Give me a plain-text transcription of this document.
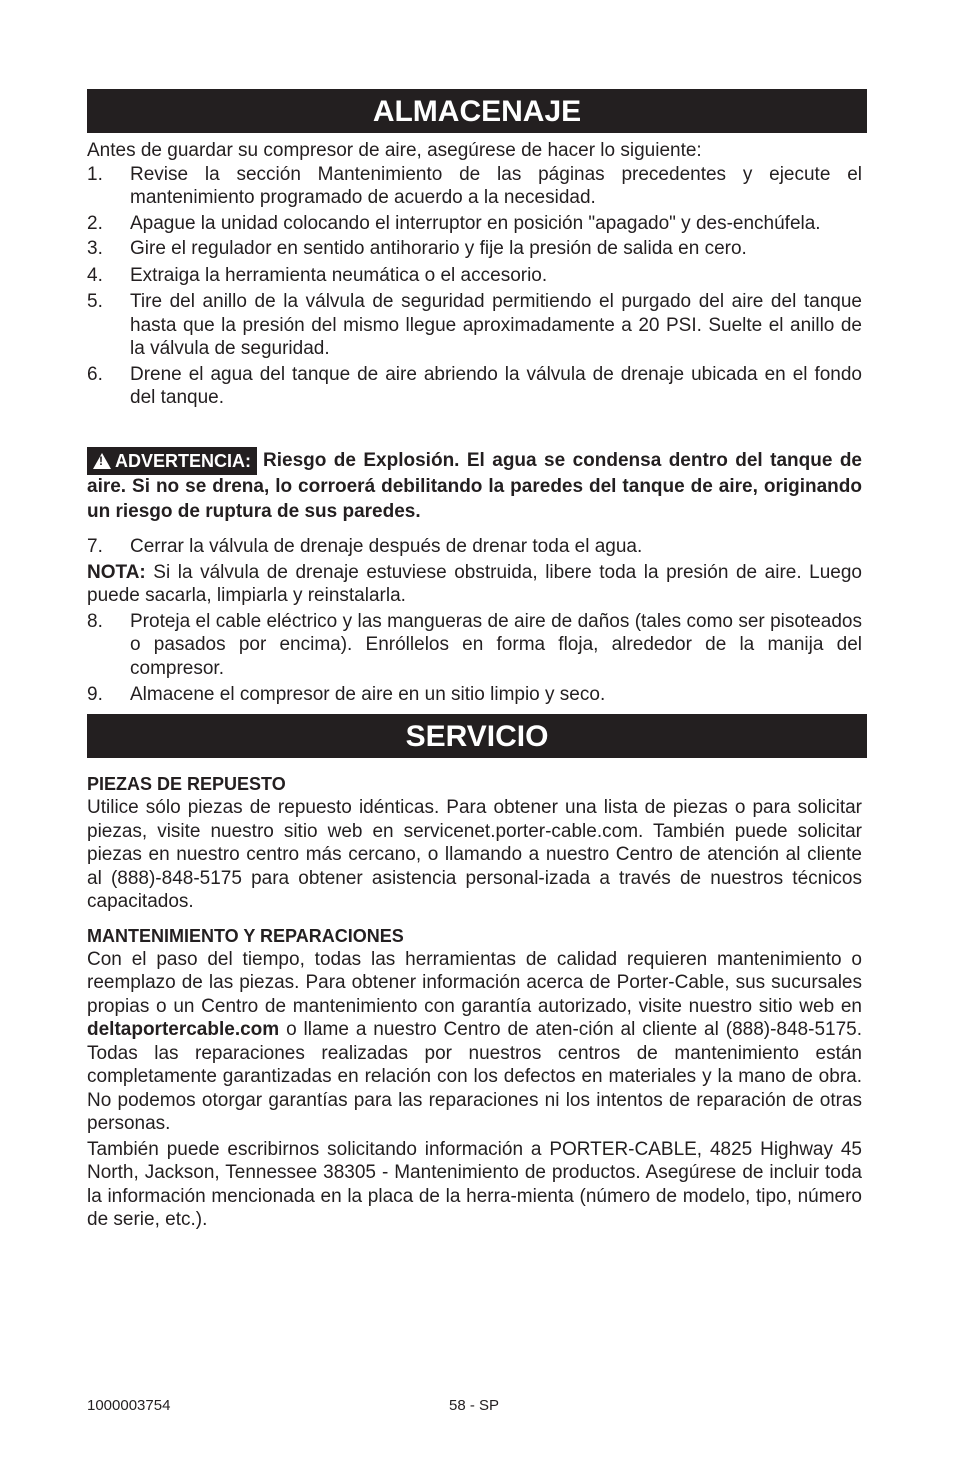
ALMACENAJE
Antes de guardar su compresor de aire, asegúrese de hacer lo siguiente:
1. Revise la sección Mantenimiento de las páginas precedentes y ejecute el mantenimiento programado de acuerdo a la necesidad.
2. Apague la unidad colocando el interruptor en posición "apagado" y des-enchúfela.
3. Gire el regulador en sentido antihorario y fije la presión de salida en cero.
4. Extraiga la herramienta neumática o el accesorio.
5. Tire del anillo de la válvula de seguridad permitiendo el purgado del aire del tanque hasta que la presión del mismo llegue aproximadamente a 20 PSI. Suelte el anillo de la válvula de seguridad.
6. Drene el agua del tanque de aire abriendo la válvula de drenaje ubicada en el fondo del tanque.
!ADVERTENCIA: Riesgo de Explosión. El agua se condensa dentro del tanque de aire. Si no se drena, lo corroerá debilitando la paredes del tanque de aire, originando un riesgo de ruptura de sus paredes.
7. Cerrar la válvula de drenaje después de drenar toda el agua.
NOTA: Si la válvula de drenaje estuviese obstruida, libere toda la presión de aire. Luego puede sacarla, limpiarla y reinstalarla.
8. Proteja el cable eléctrico y las mangueras de aire de daños (tales como ser pisoteados o pasados por encima). Enróllelos en forma floja, alrededor de la manija del compresor.
9. Almacene el compresor de aire en un sitio limpio y seco.
SERVICIO
PIEZAS DE REPUESTO
Utilice sólo piezas de repuesto idénticas. Para obtener una lista de piezas o para solicitar piezas, visite nuestro sitio web en servicenet.porter-cable.com. También puede solicitar piezas en nuestro centro más cercano, o llamando a nuestro Centro de atención al cliente al (888)-848-5175 para obtener asistencia personal-izada a través de nuestros técnicos capacitados.
MANTENIMIENTO Y REPARACIONES
Con el paso del tiempo, todas las herramientas de calidad requieren mantenimiento o reemplazo de las piezas. Para obtener información acerca de Porter-Cable, sus sucursales propias o un Centro de mantenimiento con garantía autorizado, visite nuestro sitio web en deltaportercable.com o llame a nuestro Centro de aten-ción al cliente al (888)-848-5175. Todas las reparaciones realizadas por nuestros centros de mantenimiento están completamente garantizadas en relación con los defectos en materiales y la mano de obra. No podemos otorgar garantías para las reparaciones ni los intentos de reparación de otras personas.
También puede escribirnos solicitando información a PORTER-CABLE, 4825 Highway 45 North, Jackson, Tennessee 38305 - Mantenimiento de productos. Asegúrese de incluir toda la información mencionada en la placa de la herra-mienta (número de modelo, tipo, número de serie, etc.).
1000003754	58 - SP
